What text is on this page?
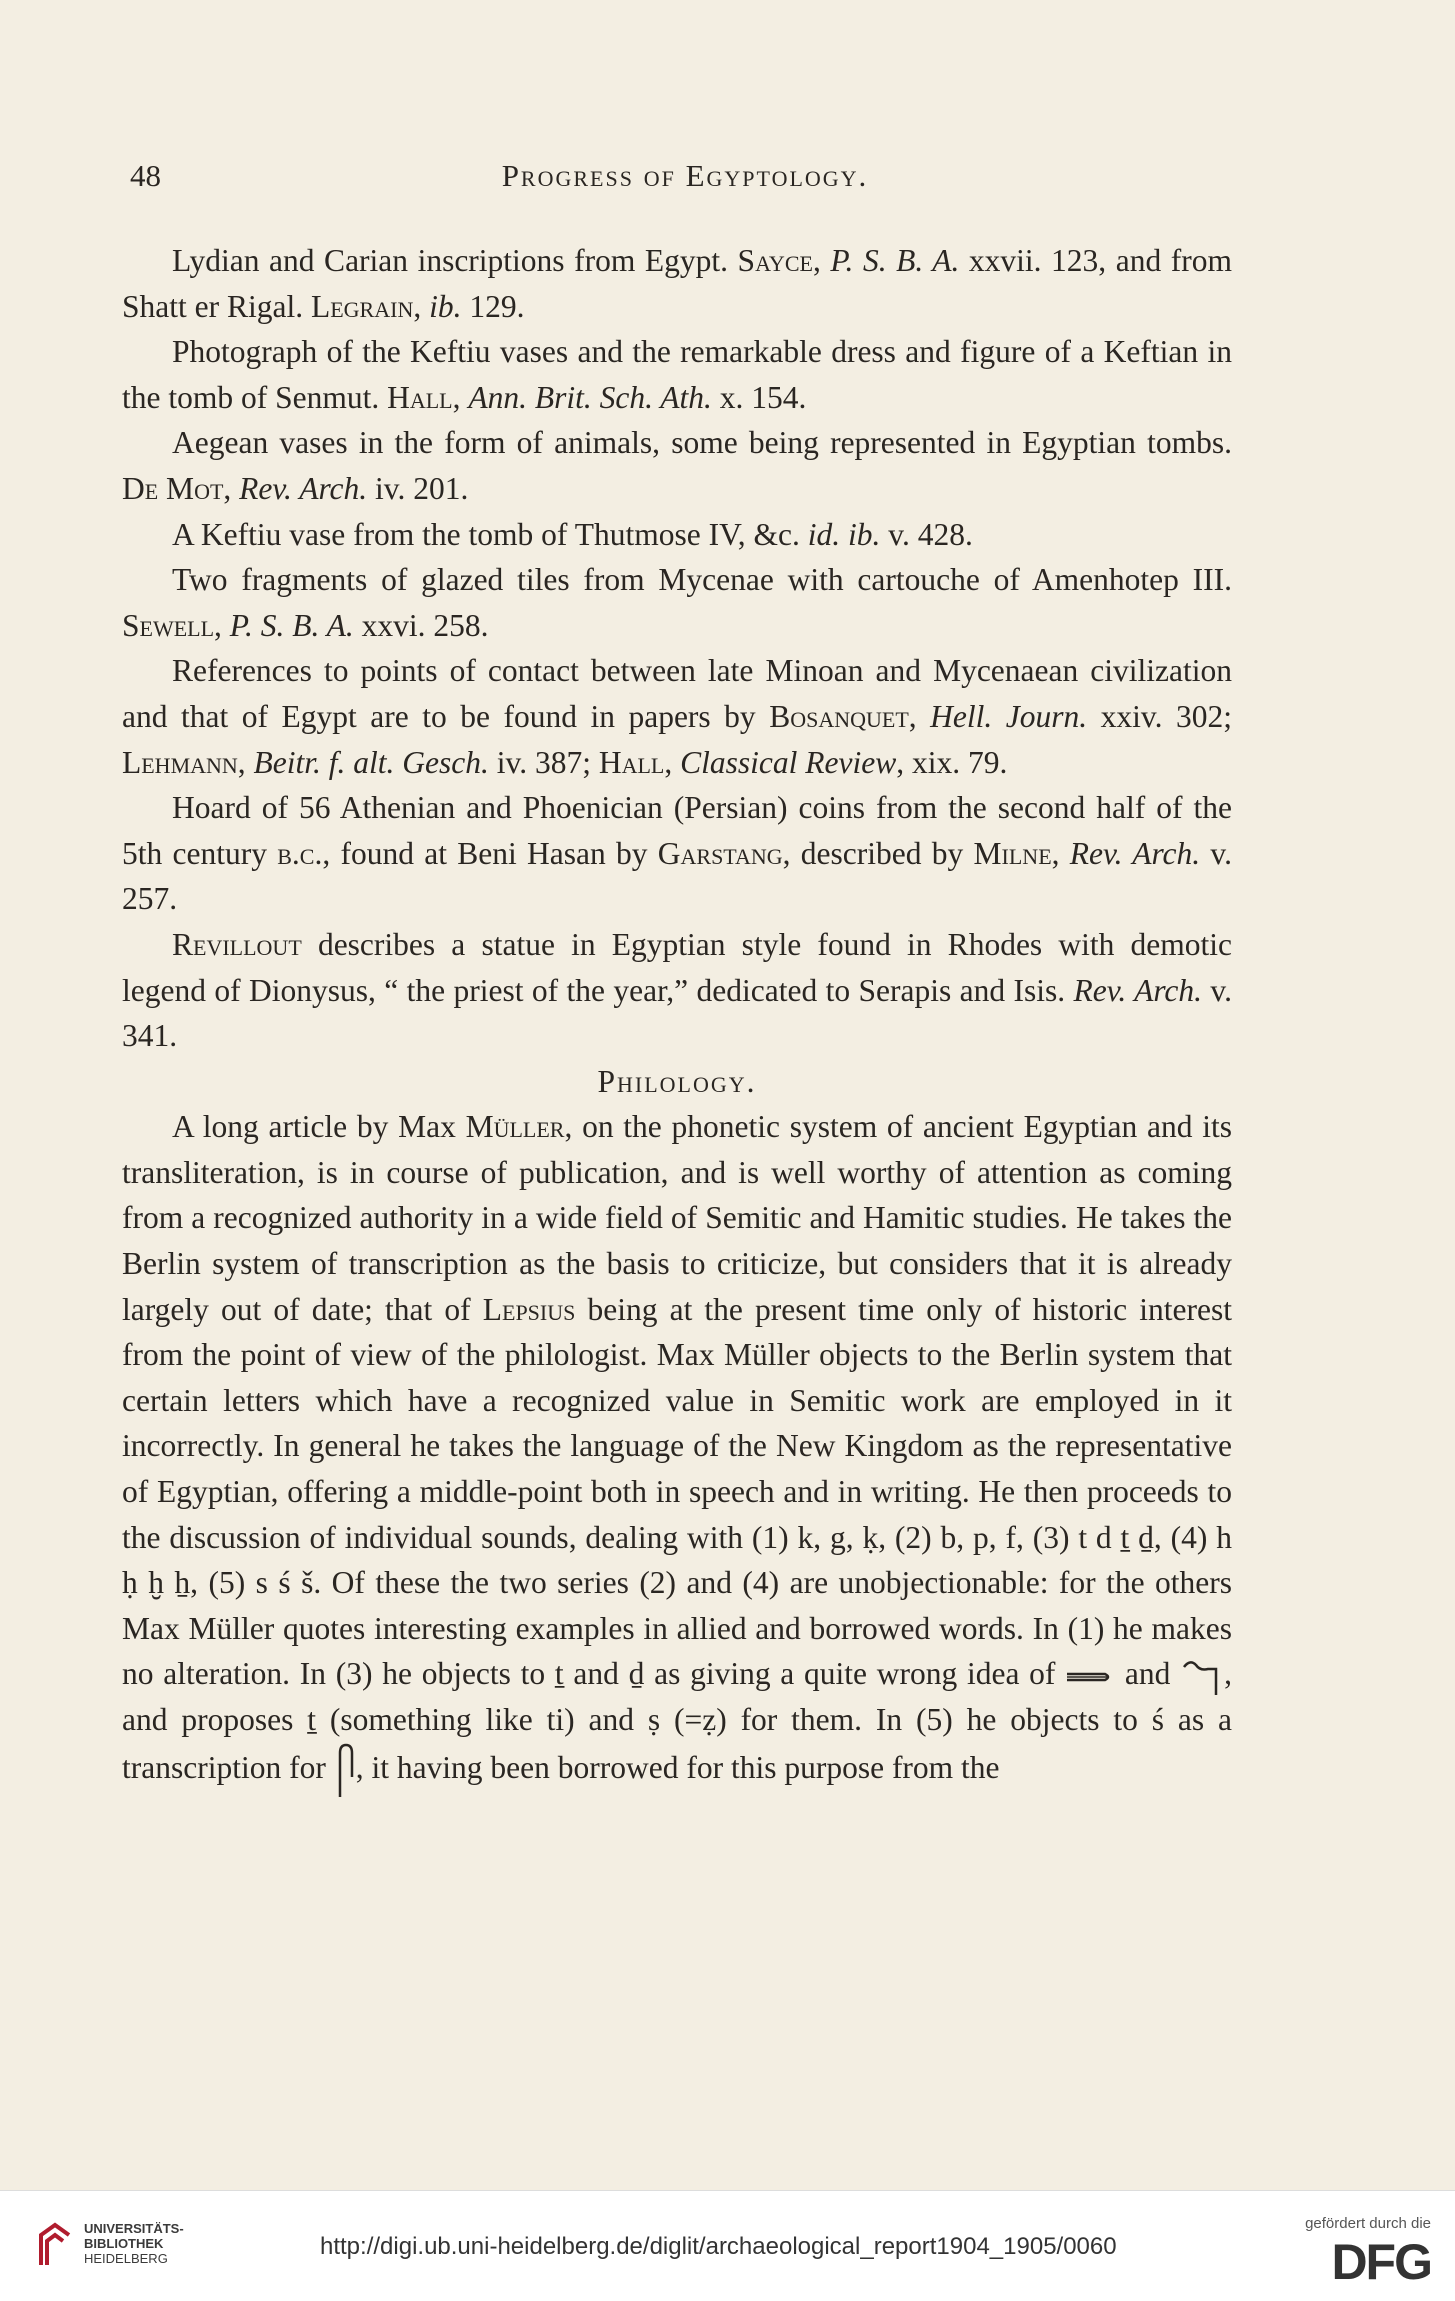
48	Progress of Egyptology.

Lydian and Carian inscriptions from Egypt. Sayce, P. S. B. A. xxvii. 123, and from Shatt er Rigal. Legrain, ib. 129.

Photograph of the Keftiu vases and the remarkable dress and figure of a Keftian in the tomb of Senmut. Hall, Ann. Brit. Sch. Ath. x. 154.

Aegean vases in the form of animals, some being represented in Egyptian tombs. De Mot, Rev. Arch. iv. 201.

A Keftiu vase from the tomb of Thutmose IV, &c. id. ib. v. 428.

Two fragments of glazed tiles from Mycenae with cartouche of Amenhotep III. Sewell, P. S. B. A. xxvi. 258.

References to points of contact between late Minoan and Mycenaean civilization and that of Egypt are to be found in papers by Bosanquet, Hell. Journ. xxiv. 302; Lehmann, Beitr. f. alt. Gesch. iv. 387; Hall, Classical Review, xix. 79.

Hoard of 56 Athenian and Phoenician (Persian) coins from the second half of the 5th century b.c., found at Beni Hasan by Garstang, described by Milne, Rev. Arch. v. 257.

Revillout describes a statue in Egyptian style found in Rhodes with demotic legend of Dionysus, “ the priest of the year,” dedicated to Serapis and Isis. Rev. Arch. v. 341.

Philology.

A long article by Max Müller, on the phonetic system of ancient Egyptian and its transliteration, is in course of publication, and is well worthy of attention as coming from a recognized authority in a wide field of Semitic and Hamitic studies. He takes the Berlin system of transcription as the basis to criticize, but considers that it is already largely out of date; that of Lepsius being at the present time only of historic interest from the point of view of the philologist. Max Müller objects to the Berlin system that certain letters which have a recognized value in Semitic work are employed in it incorrectly. In general he takes the language of the New Kingdom as the representative of Egyptian, offering a middle-point both in speech and in writing. He then proceeds to the discussion of individual sounds, dealing with (1) k, g, ḳ, (2) b, p, f, (3) t d ṯ ḏ, (4) h ḥ ḫ ẖ, (5) s ś š. Of these the two series (2) and (4) are unobjectionable: for the others Max Müller quotes interesting examples in allied and borrowed words. In (1) he makes no alteration. In (3) he objects to ṯ and ḏ as giving a quite wrong idea of  and , and proposes ṯ (something like ti) and ṣ (=ẓ) for them. In (5) he objects to ś as a transcription for , it having been borrowed for this purpose from the

UNIVERSITÄTS-
BIBLIOTHEK
HEIDELBERG	http://digi.ub.uni-heidelberg.de/diglit/archaeological_report1904_1905/0060
gefördert durch die
DFG
